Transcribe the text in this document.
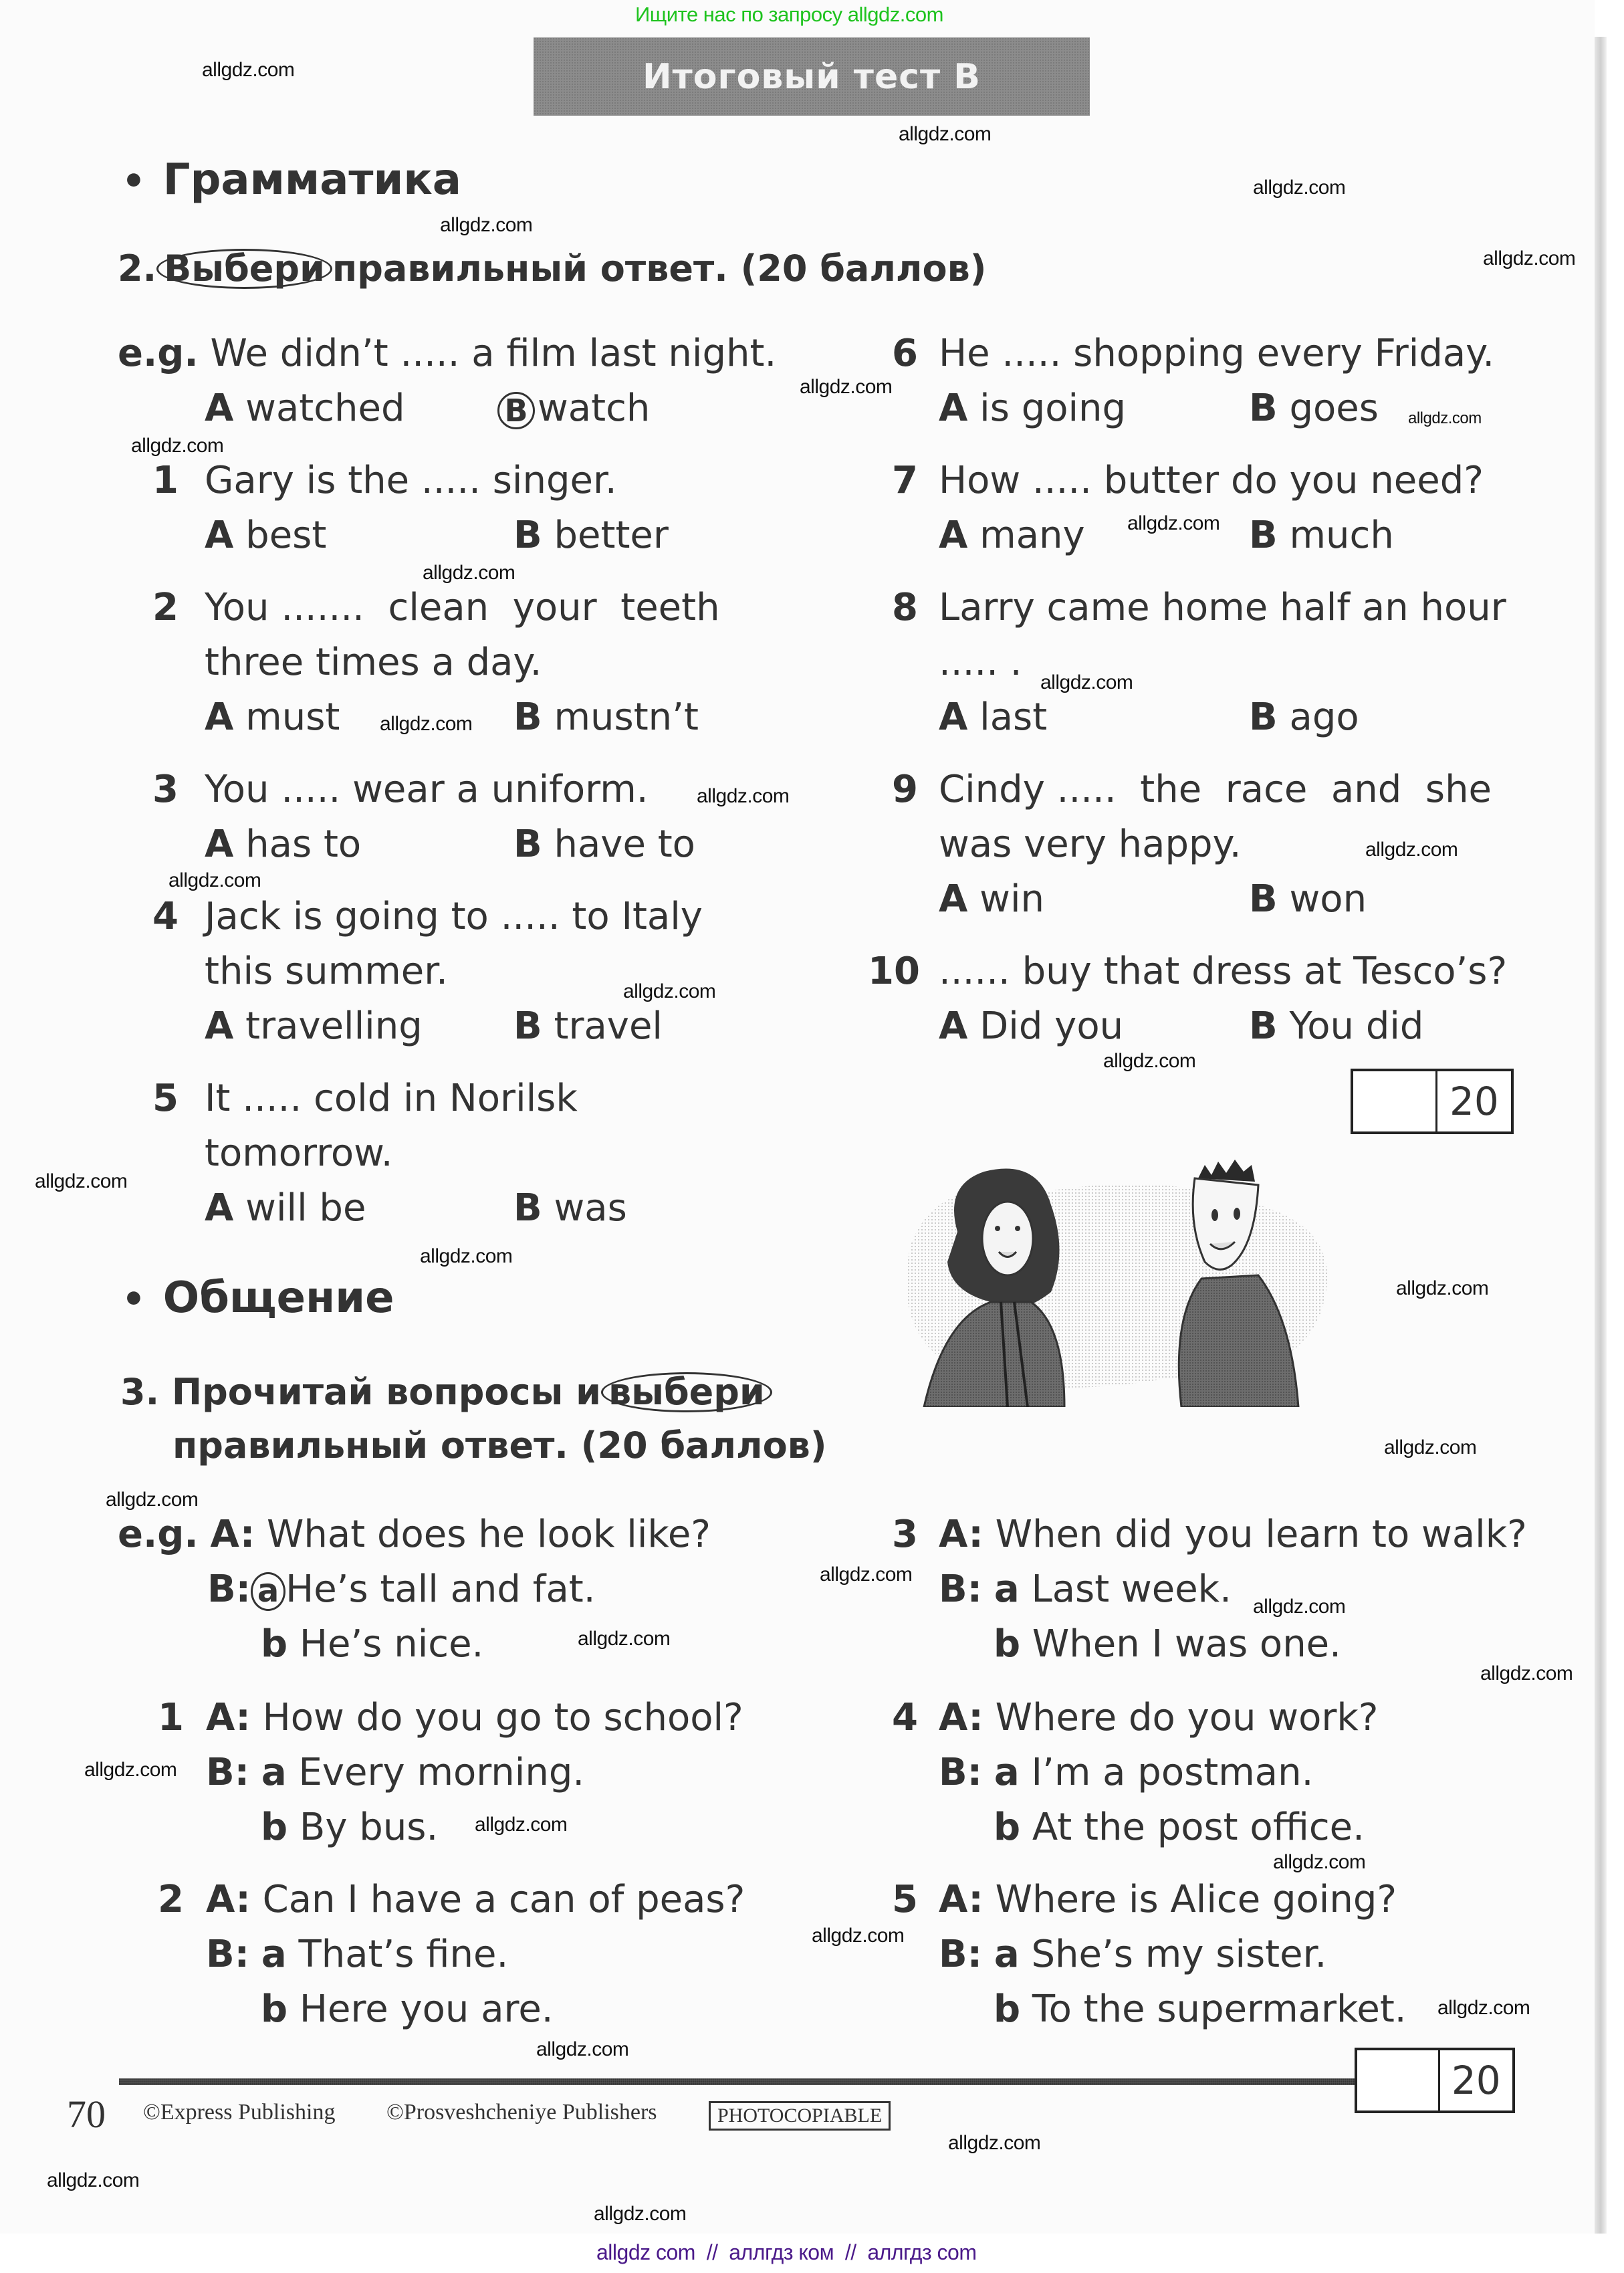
Ищите нас по запросу allgdz.com
Итоговый тест B
• Грамматика
2. Выбери правильный ответ. (20 баллов)
e.g. We didn’t ..... a film last night.
A watched	B watch
1 Gary is the ..... singer.
A best	B better
2 You .......  clean  your  teeth
three times a day.
A must	B mustn’t
3 You ..... wear a uniform.
A has to	B have to
4 Jack is going to ..... to Italy
this summer.
A travelling B travel
5 It ..... cold in Norilsk
tomorrow.
A will be	B was
6 He ..... shopping every Friday.
A is going	B goes
7 How ..... butter do you need?
A many	B much
8 Larry came home half an hour
..... .
A last	B ago
9 Cindy .....  the  race  and  she
was very happy.
A win	B won
10 ...... buy that dress at Tesco’s?
A Did you	B You did
20
• Общение
3. Прочитай вопросы и выбери
правильный ответ. (20 баллов)
e.g. A: What does he look like?
B: a He’s tall and fat.
b He’s nice.
1 A: How do you go to school?
B: a Every morning.
b By bus.
2 A: Can I have a can of peas?
B: a That’s fine.
b Here you are.
3 A: When did you learn to walk?
B: a Last week.
b When I was one.
4 A: Where do you work?
B: a I’m a postman.
b At the post office.
5 A: Where is Alice going?
B: a She’s my sister.
b To the supermarket.
20
70 ©Express Publishing ©Prosveshcheniye Publishers	PHOTOCOPIABLE
allgdz.com
allgdz.com
allgdz.com
allgdz.com
allgdz.com
allgdz.com
allgdz.com
allgdz.com
allgdz.com
allgdz.com
allgdz.com
allgdz.com
allgdz.com
allgdz.com
allgdz.com
allgdz.com
allgdz.com
allgdz.com
allgdz.com
allgdz.com
allgdz.com
allgdz.com
allgdz.com
allgdz.com
allgdz.com
allgdz.com
allgdz.com
allgdz.com
allgdz.com
allgdz.com
allgdz.com
allgdz.com
allgdz.com
allgdz.com
allgdz.com
allgdz com  //  аллгдз ком  //  аллгдз com
